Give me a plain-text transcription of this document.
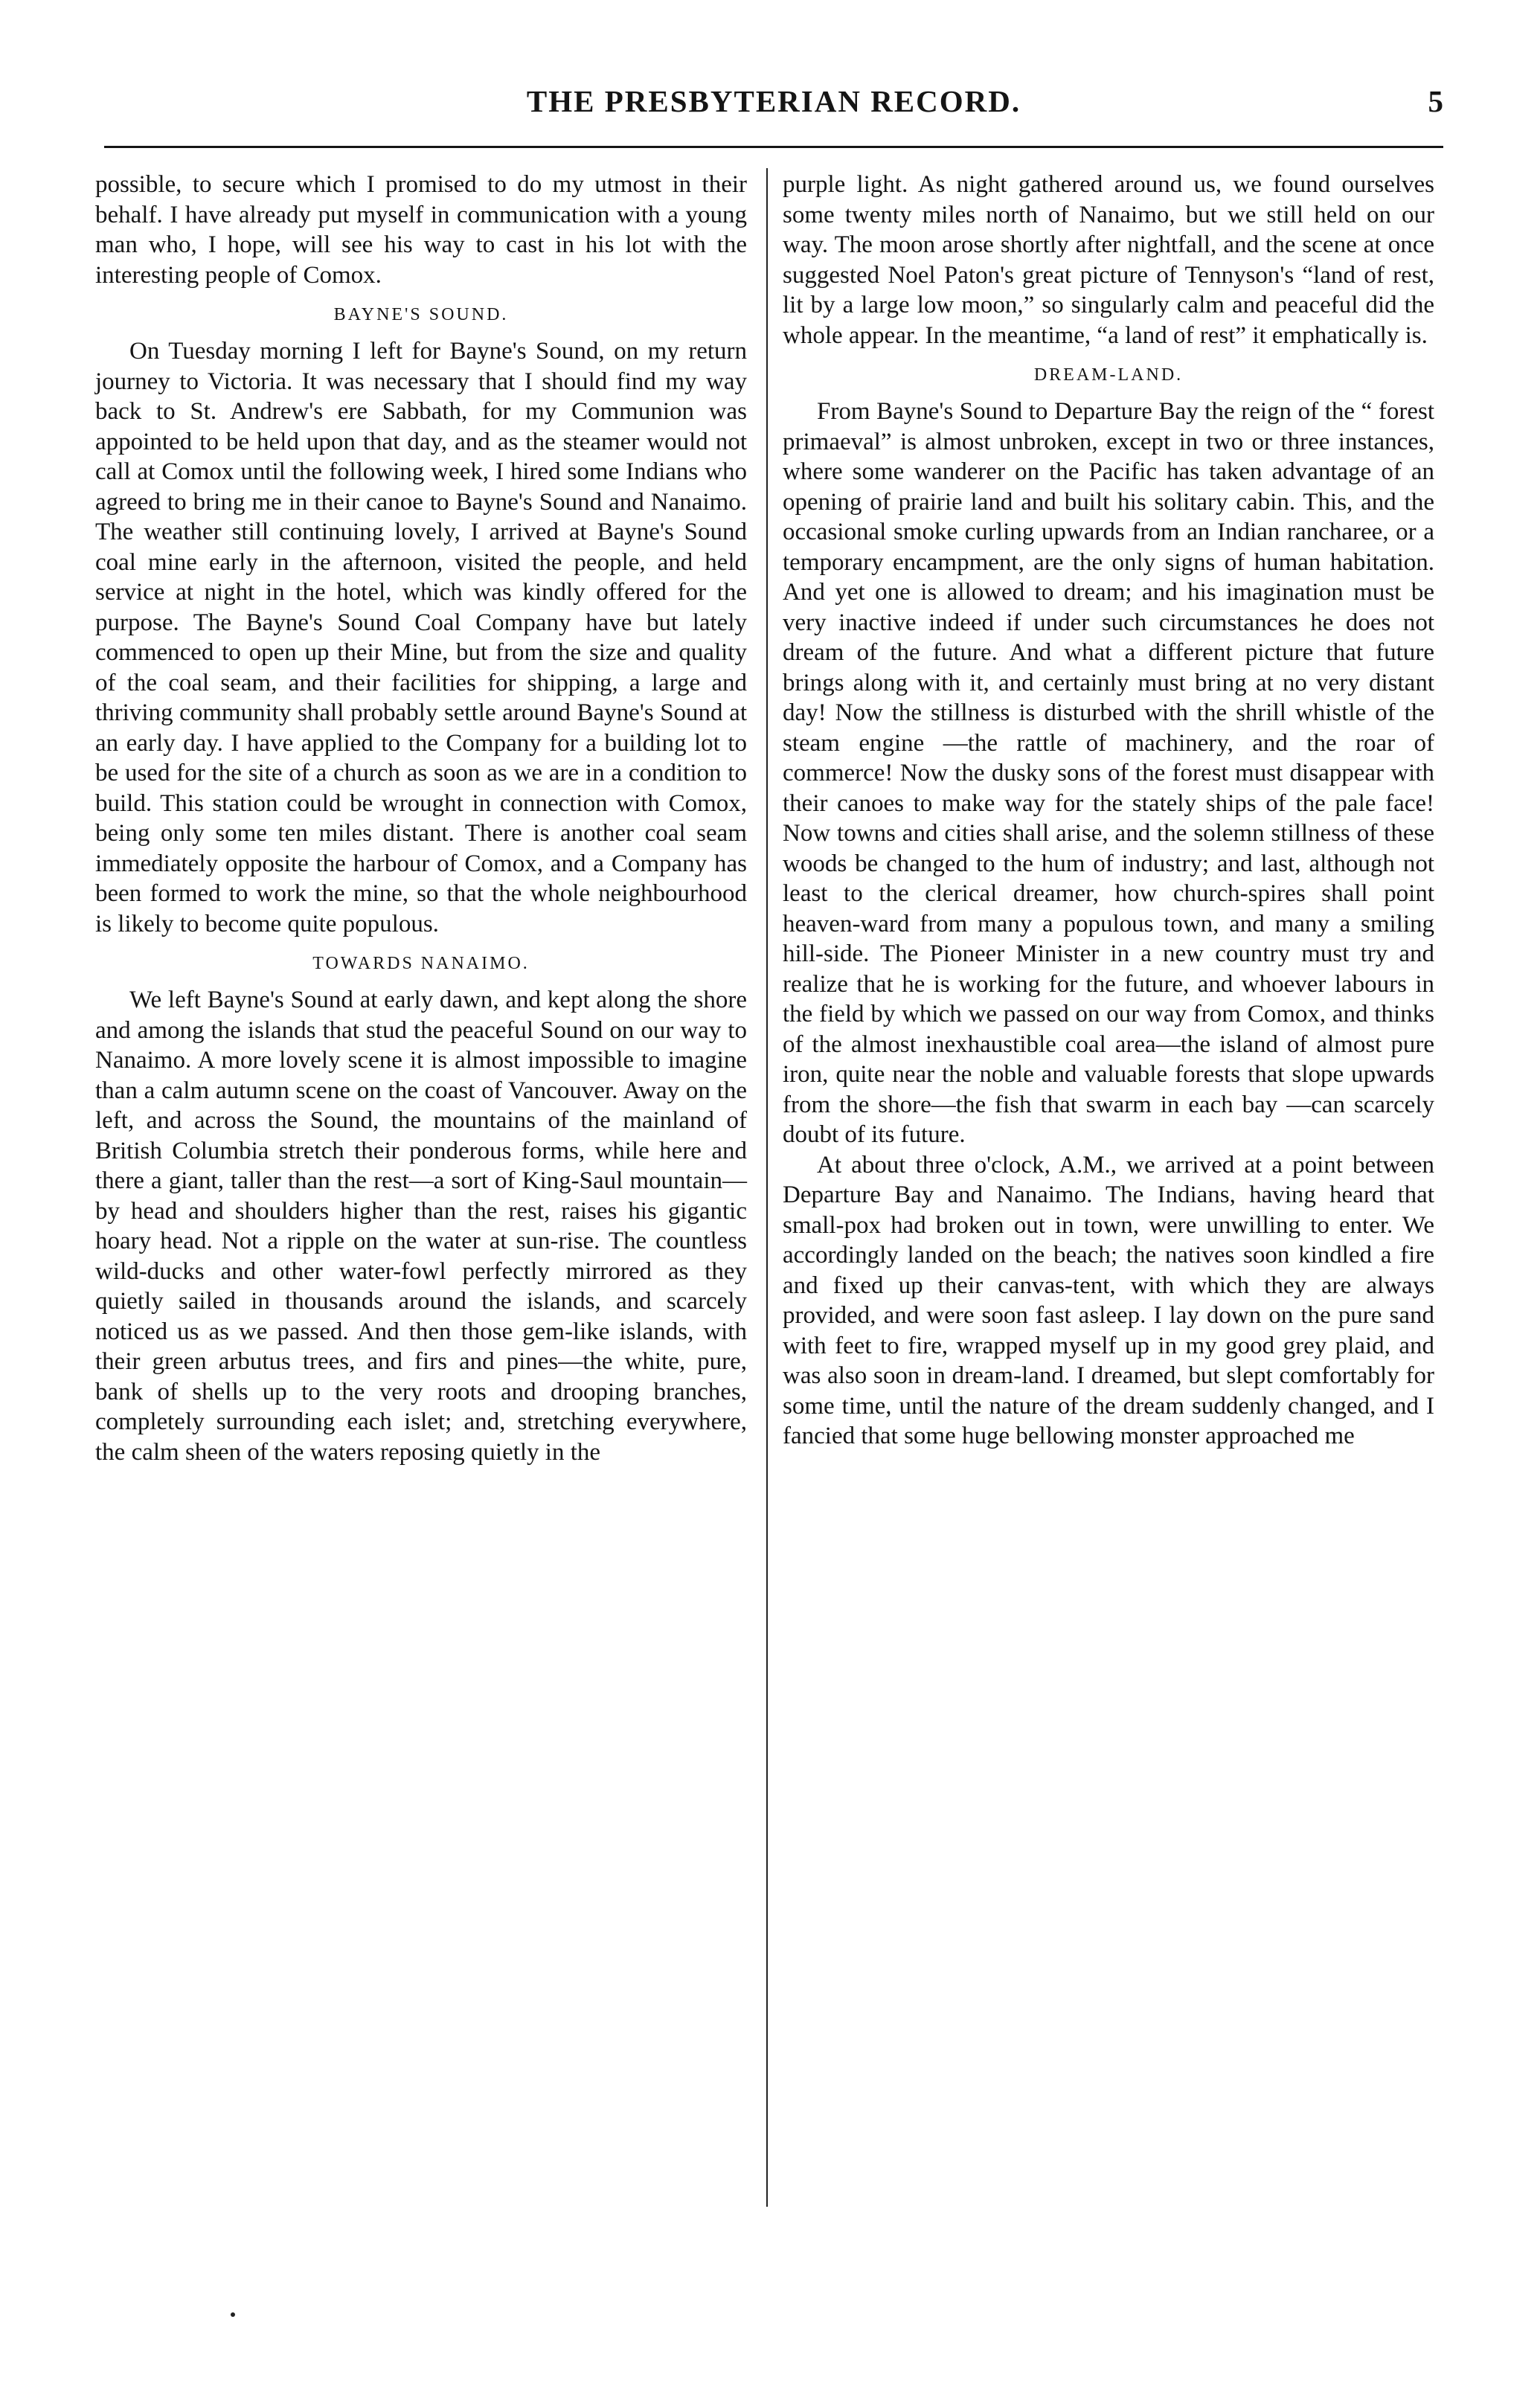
THE PRESBYTERIAN RECORD.	5

possible, to secure which I promised to do my utmost in their behalf. I have already put myself in communication with a young man who, I hope, will see his way to cast in his lot with the interesting people of Comox.

BAYNE'S SOUND.

On Tuesday morning I left for Bayne's Sound, on my return journey to Victoria. It was necessary that I should find my way back to St. Andrew's ere Sabbath, for my Communion was appointed to be held upon that day, and as the steamer would not call at Comox until the following week, I hired some Indians who agreed to bring me in their canoe to Bayne's Sound and Nanaimo. The weather still continuing lovely, I arrived at Bayne's Sound coal mine early in the afternoon, visited the people, and held service at night in the hotel, which was kindly offered for the purpose. The Bayne's Sound Coal Company have but lately commenced to open up their Mine, but from the size and quality of the coal seam, and their facilities for shipping, a large and thriving community shall probably settle around Bayne's Sound at an early day. I have applied to the Company for a building lot to be used for the site of a church as soon as we are in a condition to build. This station could be wrought in connection with Comox, being only some ten miles distant. There is another coal seam immediately opposite the harbour of Comox, and a Company has been formed to work the mine, so that the whole neighbourhood is likely to become quite populous.

TOWARDS NANAIMO.

We left Bayne's Sound at early dawn, and kept along the shore and among the islands that stud the peaceful Sound on our way to Nanaimo. A more lovely scene it is almost impossible to imagine than a calm autumn scene on the coast of Vancouver. Away on the left, and across the Sound, the mountains of the mainland of British Columbia stretch their ponderous forms, while here and there a giant, taller than the rest—a sort of King-Saul mountain—by head and shoulders higher than the rest, raises his gigantic hoary head. Not a ripple on the water at sun-rise. The countless wild-ducks and other water-fowl perfectly mirrored as they quietly sailed in thousands around the islands, and scarcely noticed us as we passed. And then those gem-like islands, with their green arbutus trees, and firs and pines—the white, pure, bank of shells up to the very roots and drooping branches, completely surrounding each islet; and, stretching everywhere, the calm sheen of the waters reposing quietly in the

purple light. As night gathered around us, we found ourselves some twenty miles north of Nanaimo, but we still held on our way. The moon arose shortly after nightfall, and the scene at once suggested Noel Paton's great picture of Tennyson's “land of rest, lit by a large low moon,” so singularly calm and peaceful did the whole appear. In the meantime, “a land of rest” it emphatically is.

DREAM-LAND.

From Bayne's Sound to Departure Bay the reign of the “ forest primaeval” is almost unbroken, except in two or three instances, where some wanderer on the Pacific has taken advantage of an opening of prairie land and built his solitary cabin. This, and the occasional smoke curling upwards from an Indian rancharee, or a temporary encampment, are the only signs of human habitation. And yet one is allowed to dream; and his imagination must be very inactive indeed if under such circumstances he does not dream of the future. And what a different picture that future brings along with it, and certainly must bring at no very distant day! Now the stillness is disturbed with the shrill whistle of the steam engine —the rattle of machinery, and the roar of commerce! Now the dusky sons of the forest must disappear with their canoes to make way for the stately ships of the pale face! Now towns and cities shall arise, and the solemn stillness of these woods be changed to the hum of industry; and last, although not least to the clerical dreamer, how church-spires shall point heaven-ward from many a populous town, and many a smiling hill-side. The Pioneer Minister in a new country must try and realize that he is working for the future, and whoever labours in the field by which we passed on our way from Comox, and thinks of the almost inexhaustible coal area—the island of almost pure iron, quite near the noble and valuable forests that slope upwards from the shore—the fish that swarm in each bay —can scarcely doubt of its future.

At about three o'clock, A.M., we arrived at a point between Departure Bay and Nanaimo. The Indians, having heard that small-pox had broken out in town, were unwilling to enter. We accordingly landed on the beach; the natives soon kindled a fire and fixed up their canvas-tent, with which they are always provided, and were soon fast asleep. I lay down on the pure sand with feet to fire, wrapped myself up in my good grey plaid, and was also soon in dream-land. I dreamed, but slept comfortably for some time, until the nature of the dream suddenly changed, and I fancied that some huge bellowing monster approached me
